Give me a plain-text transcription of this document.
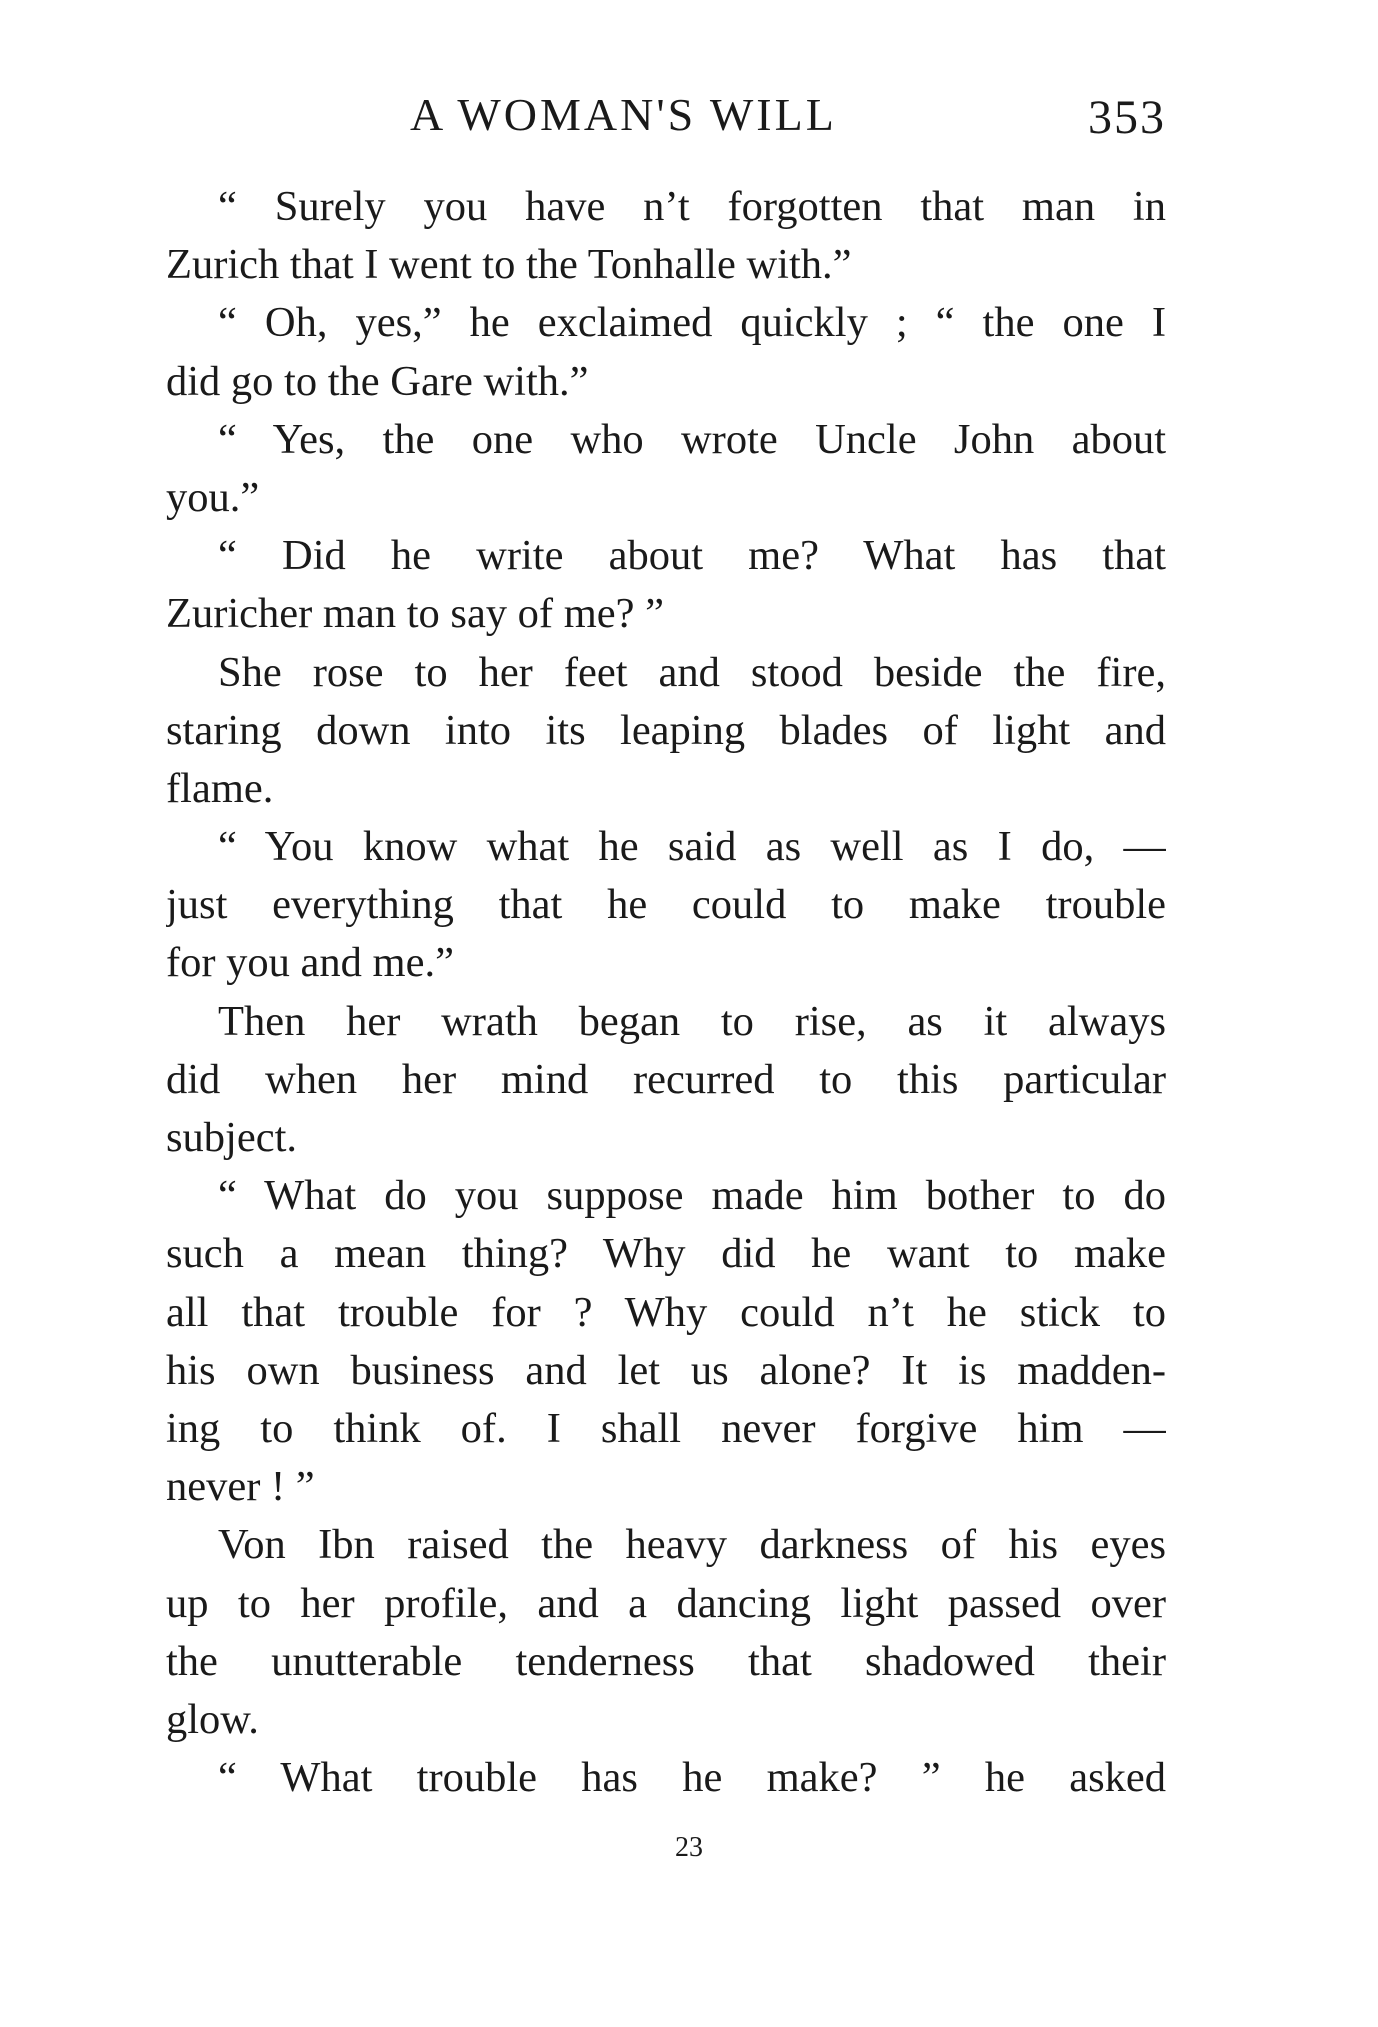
A WOMAN'S WILL	353
“ Surely you have n’t forgotten that man in
Zurich that I went to the Tonhalle with.”
“ Oh, yes,” he exclaimed quickly ; “ the one I
did go to the Gare with.”
“ Yes, the one who wrote Uncle John about
you.”
“ Did he write about me? What has that
Zuricher man to say of me? ”
She rose to her feet and stood beside the fire,
staring down into its leaping blades of light and
flame.
“ You know what he said as well as I do, —
just everything that he could to make trouble
for you and me.”
Then her wrath began to rise, as it always
did when her mind recurred to this particular
subject.
“ What do you suppose made him bother to do
such a mean thing? Why did he want to make
all that trouble for ? Why could n’t he stick to
his own business and let us alone? It is madden-
ing to think of. I shall never forgive him —
never ! ”
Von Ibn raised the heavy darkness of his eyes
up to her profile, and a dancing light passed over
the unutterable tenderness that shadowed their
glow.
“ What trouble has he make? ” he asked
23
